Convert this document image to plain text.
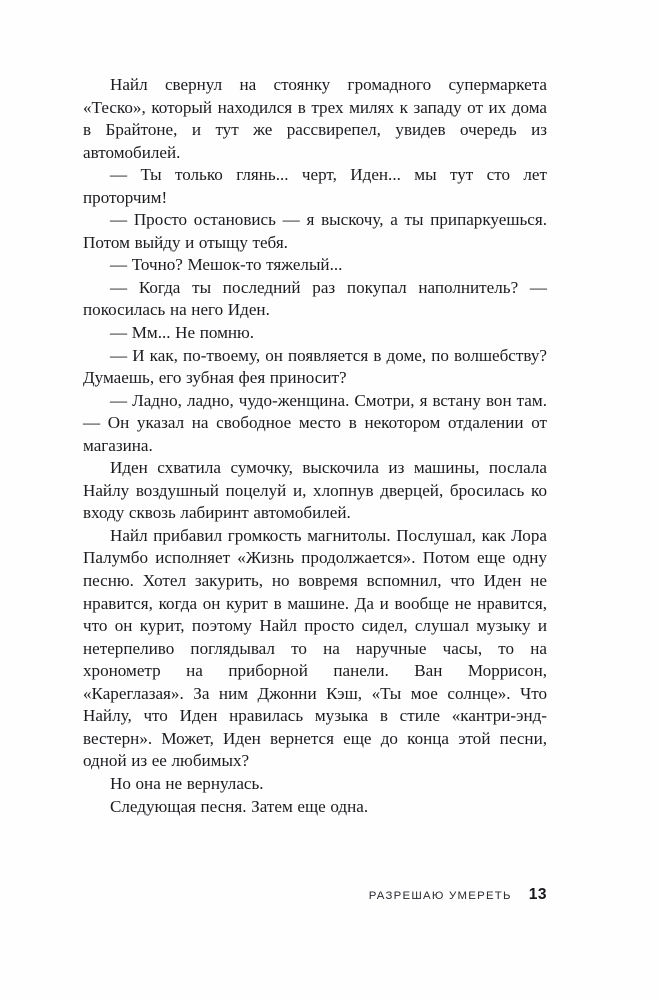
Найл свернул на стоянку громадного супермаркета «Теско», который находился в трех милях к западу от их дома в Брайтоне, и тут же рассвирепел, увидев очередь из автомобилей.

— Ты только глянь... черт, Иден... мы тут сто лет проторчим!

— Просто остановись — я выскочу, а ты припаркуешься. Потом выйду и отыщу тебя.

— Точно? Мешок-то тяжелый...

— Когда ты последний раз покупал наполнитель? — покосилась на него Иден.

— Мм... Не помню.

— И как, по-твоему, он появляется в доме, по волшебству? Думаешь, его зубная фея приносит?

— Ладно, ладно, чудо-женщина. Смотри, я встану вон там. — Он указал на свободное место в некотором отдалении от магазина.

Иден схватила сумочку, выскочила из машины, послала Найлу воздушный поцелуй и, хлопнув дверцей, бросилась ко входу сквозь лабиринт автомобилей.

Найл прибавил громкость магнитолы. Послушал, как Лора Палумбо исполняет «Жизнь продолжается». Потом еще одну песню. Хотел закурить, но вовремя вспомнил, что Иден не нравится, когда он курит в машине. Да и вообще не нравится, что он курит, поэтому Найл просто сидел, слушал музыку и нетерпеливо поглядывал то на наручные часы, то на хронометр на приборной панели. Ван Моррисон, «Кареглазая». За ним Джонни Кэш, «Ты мое солнце». Что Найлу, что Иден нравилась музыка в стиле «кантри-энд-вестерн». Может, Иден вернется еще до конца этой песни, одной из ее любимых?

Но она не вернулась.

Следующая песня. Затем еще одна.

РАЗРЕШАЮ УМЕРЕТЬ 13
